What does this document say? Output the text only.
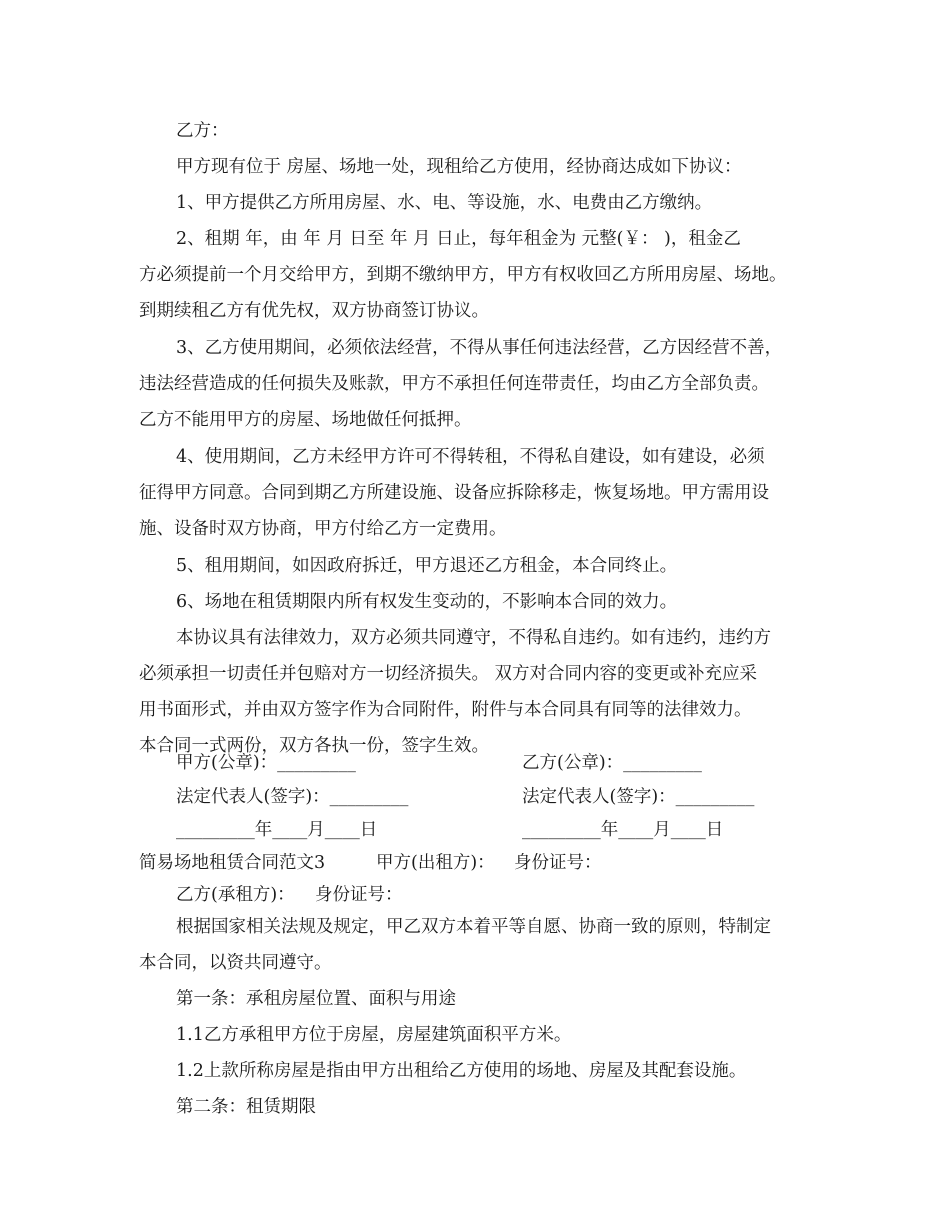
乙方：

甲方现有位于 房屋、场地一处，现租给乙方使用，经协商达成如下协议：

1、甲方提供乙方所用房屋、水、电、等设施，水、电费由乙方缴纳。

2、租期 年，由 年 月 日至 年 月 日止，每年租金为 元整(￥： )，租金乙

方必须提前一个月交给甲方，到期不缴纳甲方，甲方有权收回乙方所用房屋、场地。

到期续租乙方有优先权，双方协商签订协议。

3、乙方使用期间，必须依法经营，不得从事任何违法经营，乙方因经营不善，

违法经营造成的任何损失及账款，甲方不承担任何连带责任，均由乙方全部负责。

乙方不能用甲方的房屋、场地做任何抵押。

4、使用期间，乙方未经甲方许可不得转租，不得私自建设，如有建设，必须

征得甲方同意。合同到期乙方所建设施、设备应拆除移走，恢复场地。甲方需用设

施、设备时双方协商，甲方付给乙方一定费用。

5、租用期间，如因政府拆迁，甲方退还乙方租金，本合同终止。

6、场地在租赁期限内所有权发生变动的，不影响本合同的效力。

本协议具有法律效力，双方必须共同遵守，不得私自违约。如有违约，违约方

必须承担一切责任并包赔对方一切经济损失。 双方对合同内容的变更或补充应采

用书面形式，并由双方签字作为合同附件，附件与本合同具有同等的法律效力。

本合同一式两份，双方各执一份，签字生效。

甲方(公章)：_________	乙方(公章)：_________
法定代表人(签字)：_________	法定代表人(签字)：_________
_________年____月____日	_________年____月____日
简易场地租赁合同范文3	甲方(出租方)： 身份证号：
乙方(承租方)： 身份证号：

根据国家相关法规及规定，甲乙双方本着平等自愿、协商一致的原则，特制定

本合同，以资共同遵守。

第一条：承租房屋位置、面积与用途

1.1乙方承租甲方位于房屋，房屋建筑面积平方米。

1.2上款所称房屋是指由甲方出租给乙方使用的场地、房屋及其配套设施。

第二条：租赁期限
